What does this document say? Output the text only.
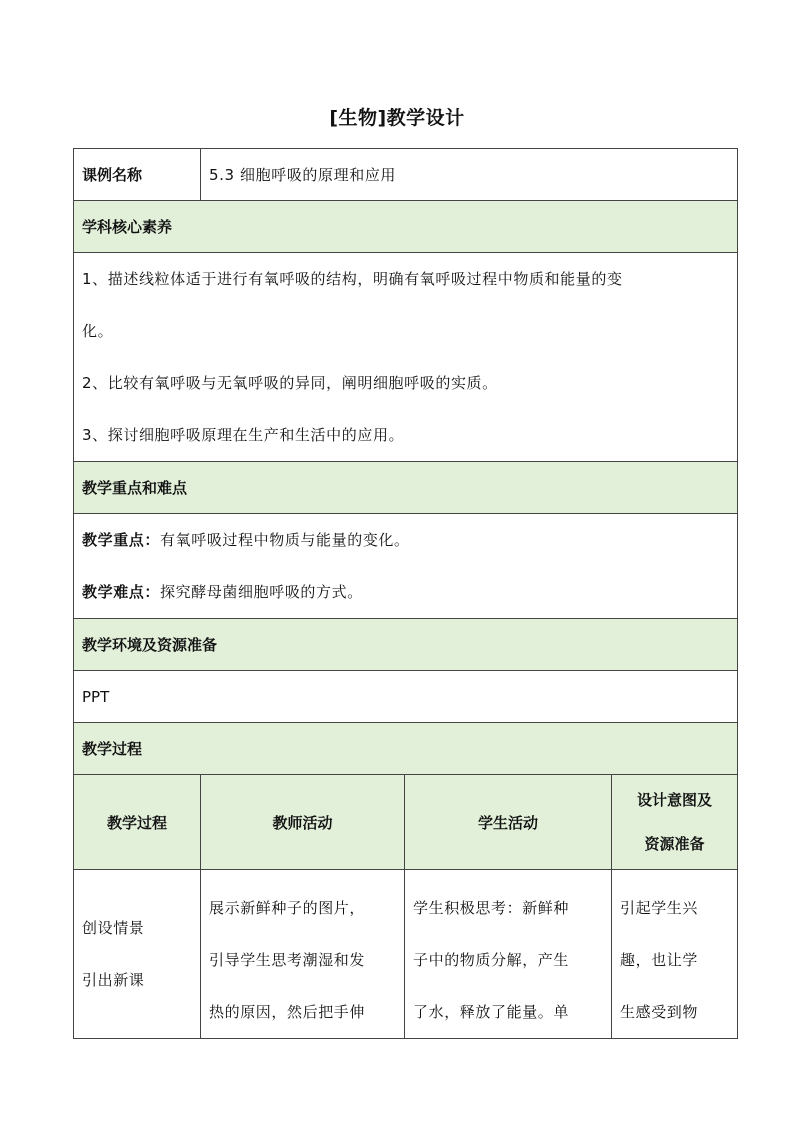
[生物]教学设计
课例名称	5.3 细胞呼吸的原理和应用		
学科核心素养			

1、描述线粒体适于进行有氧呼吸的结构，明确有氧呼吸过程中物质和能量的变
化。
2、比较有氧呼吸与无氧呼吸的异同，阐明细胞呼吸的实质。
3、探讨细胞呼吸原理在生产和生活中的应用。			

教学重点和难点			

教学重点：有氧呼吸过程中物质与能量的变化。
教学难点：探究酵母菌细胞呼吸的方式。			

教学环境及资源准备			
PPT			
教学过程			
教学过程	教师活动	学生活动	设计意图及
资源准备

创设情景
引出新课	展示新鲜种子的图片，
引导学生思考潮湿和发
热的原因，然后把手伸	学生积极思考：新鲜种
子中的物质分解，产生
了水，释放了能量。单	引起学生兴
趣，也让学
生感受到物
